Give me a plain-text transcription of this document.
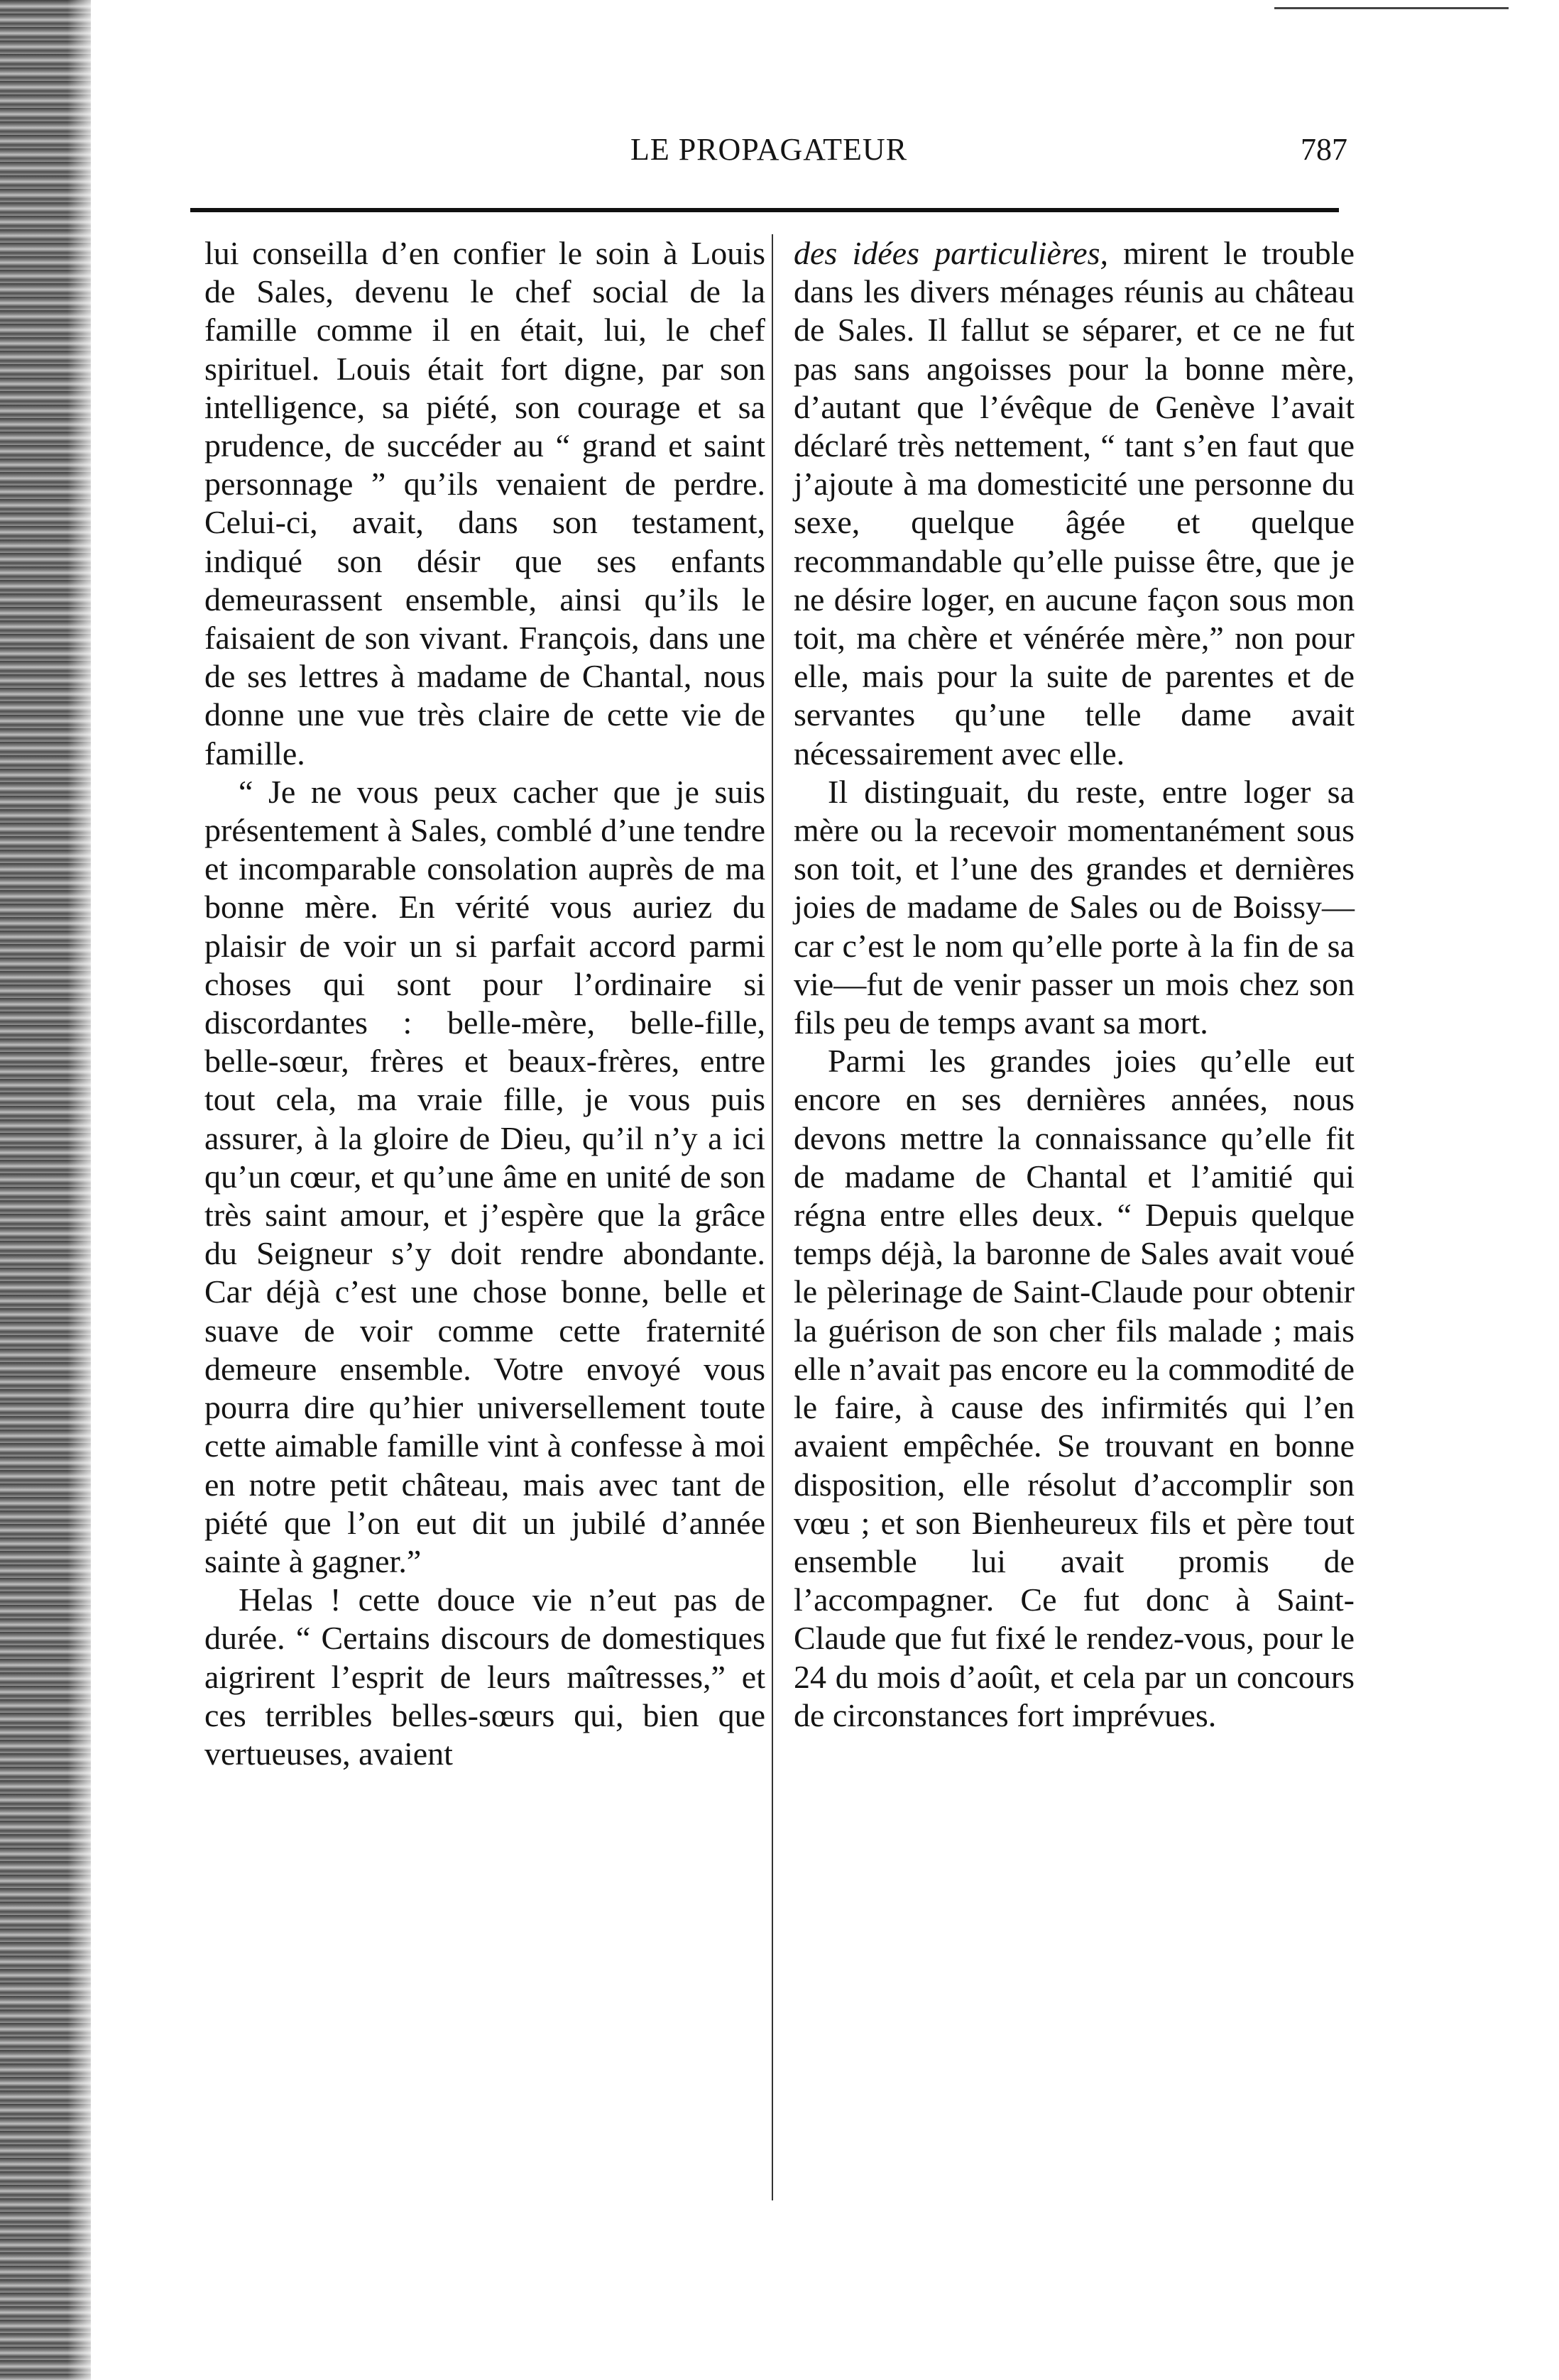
LE PROPAGATEUR	787

lui conseilla d’en confier le soin à Louis de Sales, devenu le chef social de la famille comme il en était, lui, le chef spirituel. Louis était fort digne, par son intelligence, sa piété, son courage et sa prudence, de succéder au “ grand et saint personnage ” qu’ils venaient de perdre. Celui-ci, avait, dans son testament, indiqué son désir que ses enfants demeurassent ensemble, ainsi qu’ils le faisaient de son vivant. François, dans une de ses lettres à madame de Chantal, nous donne une vue très claire de cette vie de famille.

“ Je ne vous peux cacher que je suis présentement à Sales, comblé d’une tendre et incomparable consolation auprès de ma bonne mère. En vérité vous auriez du plaisir de voir un si parfait accord parmi choses qui sont pour l’ordinaire si discordantes : belle-mère, belle-fille, belle-sœur, frères et beaux-frères, entre tout cela, ma vraie fille, je vous puis assurer, à la gloire de Dieu, qu’il n’y a ici qu’un cœur, et qu’une âme en unité de son très saint amour, et j’espère que la grâce du Seigneur s’y doit rendre abondante. Car déjà c’est une chose bonne, belle et suave de voir comme cette fraternité demeure ensemble. Votre envoyé vous pourra dire qu’hier universellement toute cette aimable famille vint à confesse à moi en notre petit château, mais avec tant de piété que l’on eut dit un jubilé d’année sainte à gagner.”

Helas ! cette douce vie n’eut pas de durée. “ Certains discours de domestiques aigrirent l’esprit de leurs maîtresses,” et ces terribles belles-sœurs qui, bien que vertueuses, avaient

des idées particulières, mirent le trouble dans les divers ménages réunis au château de Sales. Il fallut se séparer, et ce ne fut pas sans angoisses pour la bonne mère, d’autant que l’évêque de Genève l’avait déclaré très nettement, “ tant s’en faut que j’ajoute à ma domesticité une personne du sexe, quelque âgée et quelque recommandable qu’elle puisse être, que je ne désire loger, en aucune façon sous mon toit, ma chère et vénérée mère,” non pour elle, mais pour la suite de parentes et de servantes qu’une telle dame avait nécessairement avec elle.

Il distinguait, du reste, entre loger sa mère ou la recevoir momentanément sous son toit, et l’une des grandes et dernières joies de madame de Sales ou de Boissy—car c’est le nom qu’elle porte à la fin de sa vie—fut de venir passer un mois chez son fils peu de temps avant sa mort.

Parmi les grandes joies qu’elle eut encore en ses dernières années, nous devons mettre la connaissance qu’elle fit de madame de Chantal et l’amitié qui régna entre elles deux. “ Depuis quelque temps déjà, la baronne de Sales avait voué le pèlerinage de Saint-Claude pour obtenir la guérison de son cher fils malade ; mais elle n’avait pas encore eu la commodité de le faire, à cause des infirmités qui l’en avaient empêchée. Se trouvant en bonne disposition, elle résolut d’accomplir son vœu ; et son Bienheureux fils et père tout ensemble lui avait promis de l’accompagner. Ce fut donc à Saint-Claude que fut fixé le rendez-vous, pour le 24 du mois d’août, et cela par un concours de circonstances fort imprévues.
